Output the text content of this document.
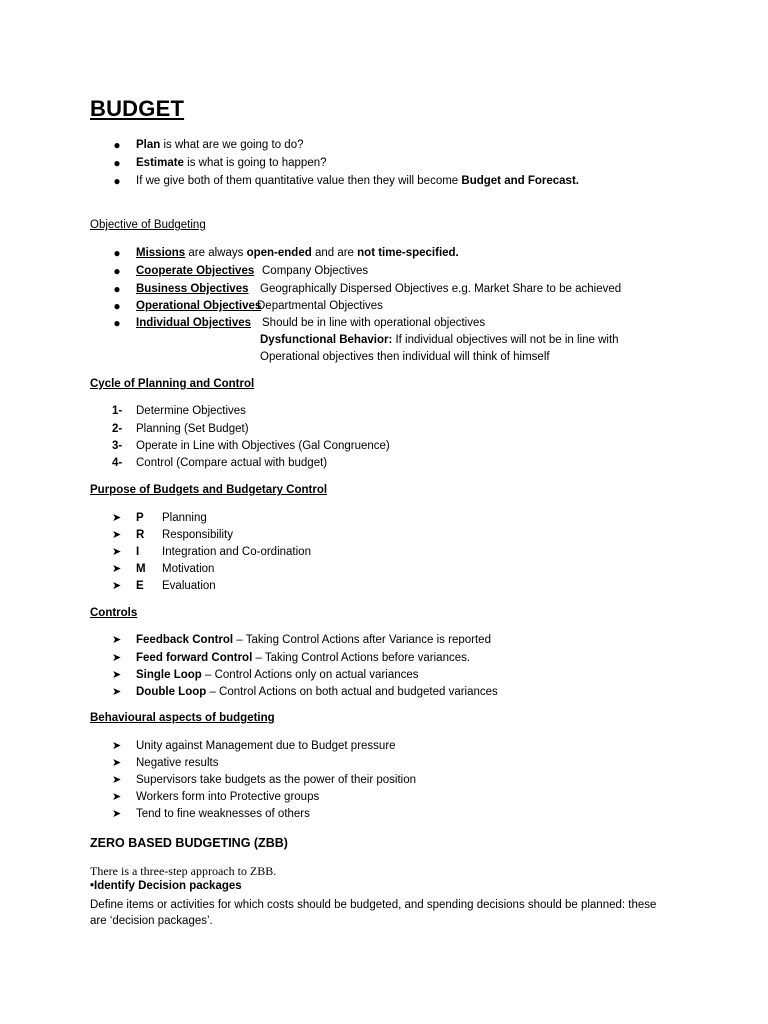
BUDGET
● Plan is what are we going to do?
● Estimate is what is going to happen?
● If we give both of them quantitative value then they will become Budget and Forecast.
Objective of Budgeting
● Missions are always open-ended and are not time-specified.
● Cooperate Objectives Company Objectives
● Business Objectives Geographically Dispersed Objectives e.g. Market Share to be achieved
● Operational Objectives
Departmental Objectives
● Individual Objectives Should be in line with operational objectives
Dysfunctional Behavior: If individual objectives will not be in line with
Operational objectives then individual will think of himself
Cycle of Planning and Control
1- Determine Objectives
2- Planning (Set Budget)
3- Operate in Line with Objectives (Gal Congruence)
4- Control (Compare actual with budget)
Purpose of Budgets and Budgetary Control
➤ P Planning
➤ R Responsibility
➤ I Integration and Co-ordination
➤ M Motivation
➤ E Evaluation
Controls
➤ Feedback Control – Taking Control Actions after Variance is reported
➤ Feed forward Control – Taking Control Actions before variances.
➤ Single Loop – Control Actions only on actual variances
➤ Double Loop – Control Actions on both actual and budgeted variances
Behavioural aspects of budgeting
➤ Unity against Management due to Budget pressure
➤ Negative results
➤ Supervisors take budgets as the power of their position
➤ Workers form into Protective groups
➤ Tend to fine weaknesses of others
ZERO BASED BUDGETING (ZBB)
There is a three-step approach to ZBB.
•Identify Decision packages
Define items or activities for which costs should be budgeted, and spending decisions should be planned: these are ‘decision packages’.
